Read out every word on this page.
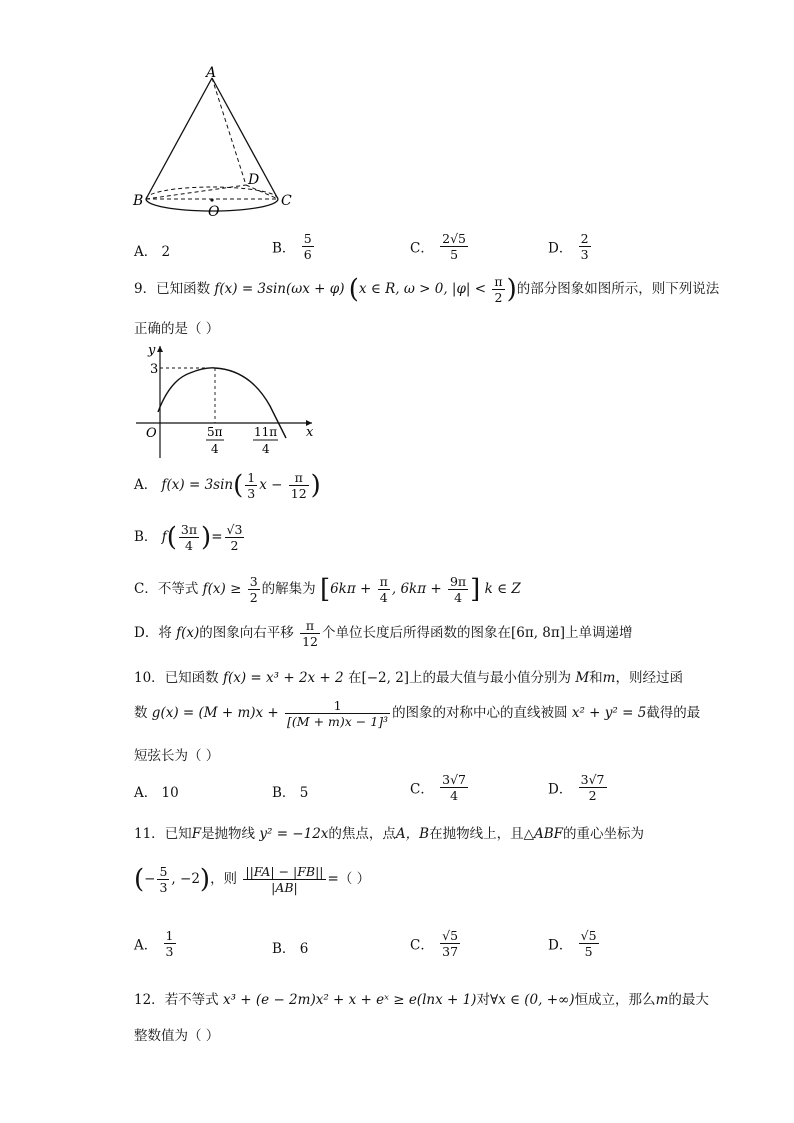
A
B	C
D
O
A． 2	B． $\frac{5}{6}$	C． $\frac{2√5}{5}$	D． $\frac{2}{3}$
9．已知函数 f(x) = 3sin(ωx + φ) (x ∈ R, ω > 0, $|\varphi| < \frac{\pi}{2}$ )的部分图象如图所示，则下列说法
正确的是（ ）
y
x
O
3
5π
4
11π
4
A． $f(x) = 3\sin( \frac{1}{3}$ $x - \frac{\pi}{12}$ )
B． $f( \frac{3\pi}{4}$ )= $\frac{√3}{2}$
C．不等式 $f(x) \ge \frac{3}{2}$ 的解集为 [$6k\pi + \frac{\pi}{4}$ , $6k\pi + \frac{9\pi}{4}$ ] k ∈ Z
D．将 f(x)的图象向右平移 $\frac{\pi}{12}$ 个单位长度后所得函数的图象在[6π, 8π]上单调递增
10．已知函数 f(x) = x³ + 2x + 2 在[−2, 2]上的最大值与最小值分别为 M和m，则经过函
数 $g(x) = (M + m)x + \frac{1}{\text{[(M + m)x − 1]³}}$ 的图象的对称中心的直线被圆 x² + y² = 5截得的最
短弦长为（ ）
A． 10	B． 5	C． $\frac{3√7}{4}$	D． $\frac{3√7}{2}$
11．已知F是抛物线 y² = −12x的焦点，点A，B在抛物线上，且△ABF的重心坐标为
(− $\frac{5}{3}$ , −2)，则 $\frac{||FA| - |FB||}{|AB|}$ =（ ）
A． $\frac{1}{3}$	B． 6	C． $\frac{√5}{37}$	D． $\frac{√5}{5}$
12．若不等式 x³ + (e − 2m)x² + x + eˣ ≥ e(lnx + 1)对∀x ∈ (0, +∞)恒成立，那么m的最大
整数值为（ ）
